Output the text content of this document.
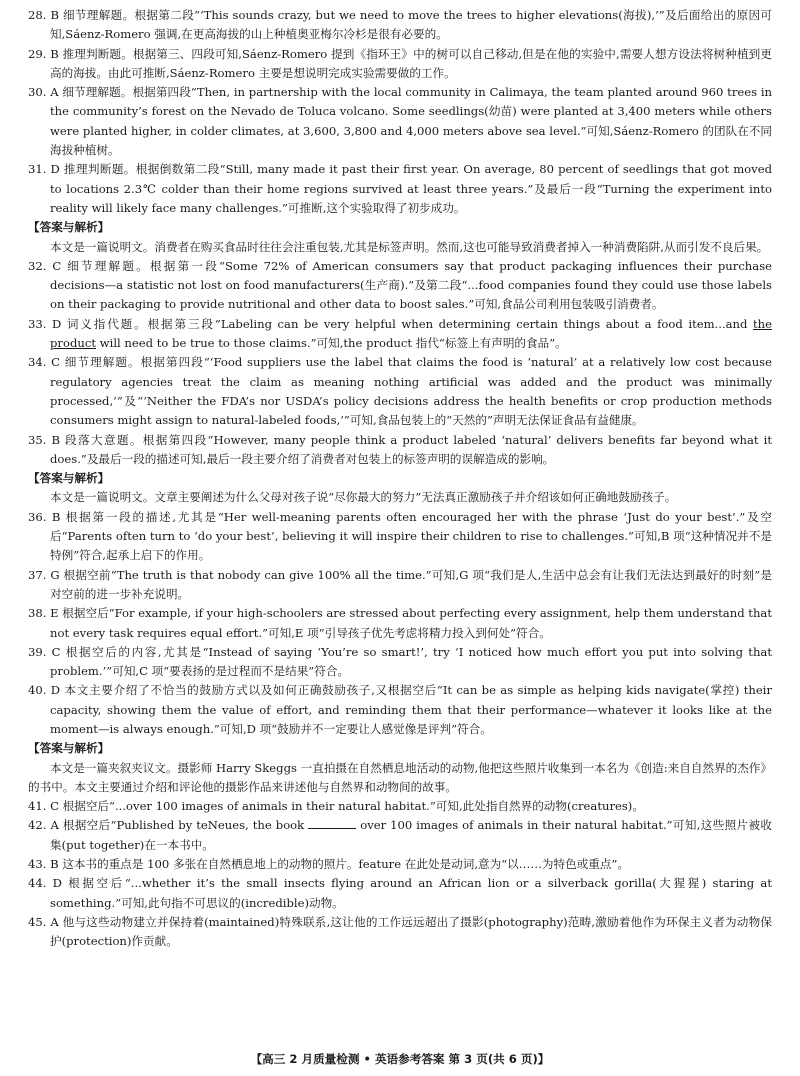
28. B 细节理解题。根据第二段“‘This sounds crazy, but we need to move the trees to higher elevations(海拔),’”及后面给出的原因可知,Sáenz-Romero 强调,在更高海拔的山上种植奥亚梅尔冷杉是很有必要的。

29. B 推理判断题。根据第三、四段可知,Sáenz-Romero 提到《指环王》中的树可以自己移动,但是在他的实验中,需要人想方设法将树种植到更高的海拔。由此可推断,Sáenz-Romero 主要是想说明完成实验需要做的工作。

30. A 细节理解题。根据第四段“Then, in partnership with the local community in Calimaya, the team planted around 960 trees in the community’s forest on the Nevado de Toluca volcano. Some seedlings(幼苗) were planted at 3,400 meters while others were planted higher, in colder climates, at 3,600, 3,800 and 4,000 meters above sea level.”可知,Sáenz-Romero 的团队在不同海拔种植树。

31. D 推理判断题。根据倒数第二段“Still, many made it past their first year. On average, 80 percent of seedlings that got moved to locations 2.3℃ colder than their home regions survived at least three years.”及最后一段“Turning the experiment into reality will likely face many challenges.”可推断,这个实验取得了初步成功。

【答案与解析】

本文是一篇说明文。消费者在购买食品时往往会注重包装,尤其是标签声明。然而,这也可能导致消费者掉入一种消费陷阱,从而引发不良后果。

32. C 细节理解题。根据第一段“Some 72% of American consumers say that product packaging influences their purchase decisions—a statistic not lost on food manufacturers(生产商).”及第二段“...food companies found they could use those labels on their packaging to provide nutritional and other data to boost sales.”可知,食品公司利用包装吸引消费者。

33. D 词义指代题。根据第三段“Labeling can be very helpful when determining certain things about a food item...and the product will need to be true to those claims.”可知,the product 指代“标签上有声明的食品”。

34. C 细节理解题。根据第四段“‘Food suppliers use the label that claims the food is ‘natural’ at a relatively low cost because regulatory agencies treat the claim as meaning nothing artificial was added and the product was minimally processed,’”及“‘Neither the FDA’s nor USDA’s policy decisions address the health benefits or crop production methods consumers might assign to natural-labeled foods,’”可知,食品包装上的“天然的”声明无法保证食品有益健康。

35. B 段落大意题。根据第四段“However, many people think a product labeled ‘natural’ delivers benefits far beyond what it does.”及最后一段的描述可知,最后一段主要介绍了消费者对包装上的标签声明的误解造成的影响。

【答案与解析】

本文是一篇说明文。文章主要阐述为什么父母对孩子说“尽你最大的努力”无法真正激励孩子并介绍该如何正确地鼓励孩子。

36. B 根据第一段的描述,尤其是“Her well-meaning parents often encouraged her with the phrase ‘Just do your best’.”及空后“Parents often turn to ‘do your best’, believing it will inspire their children to rise to challenges.”可知,B 项“这种情况并不是特例”符合,起承上启下的作用。

37. G 根据空前“The truth is that nobody can give 100% all the time.”可知,G 项“我们是人,生活中总会有让我们无法达到最好的时刻”是对空前的进一步补充说明。

38. E 根据空后“For example, if your high-schoolers are stressed about perfecting every assignment, help them understand that not every task requires equal effort.”可知,E 项“引导孩子优先考虑将精力投入到何处”符合。

39. C 根据空后的内容,尤其是“Instead of saying ‘You’re so smart!’, try ‘I noticed how much effort you put into solving that problem.’”可知,C 项“要表扬的是过程而不是结果”符合。

40. D 本文主要介绍了不恰当的鼓励方式以及如何正确鼓励孩子,又根据空后“It can be as simple as helping kids navigate(掌控) their capacity, showing them the value of effort, and reminding them that their performance—whatever it looks like at the moment—is always enough.”可知,D 项“鼓励并不一定要让人感觉像是评判”符合。

【答案与解析】

本文是一篇夹叙夹议文。摄影师 Harry Skeggs 一直拍摄在自然栖息地活动的动物,他把这些照片收集到一本名为《创造:来自自然界的杰作》的书中。本文主要通过介绍和评论他的摄影作品来讲述他与自然界和动物间的故事。

41. C 根据空后“...over 100 images of animals in their natural habitat.”可知,此处指自然界的动物(creatures)。

42. A 根据空后“Published by teNeues, the book	over 100 images of animals in their natural habitat.”可知,这些照片被收集(put together)在一本书中。

43. B 这本书的重点是 100 多张在自然栖息地上的动物的照片。feature 在此处是动词,意为“以……为特色或重点”。

44. D 根据空后“...whether it’s the small insects flying around an African lion or a silverback gorilla(大猩猩) staring at something.”可知,此句指不可思议的(incredible)动物。

45. A 他与这些动物建立并保持着(maintained)特殊联系,这让他的工作远远超出了摄影(photography)范畴,激励着他作为环保主义者为动物保护(protection)作贡献。

【高三 2 月质量检测 • 英语参考答案 第 3 页(共 6 页)】
